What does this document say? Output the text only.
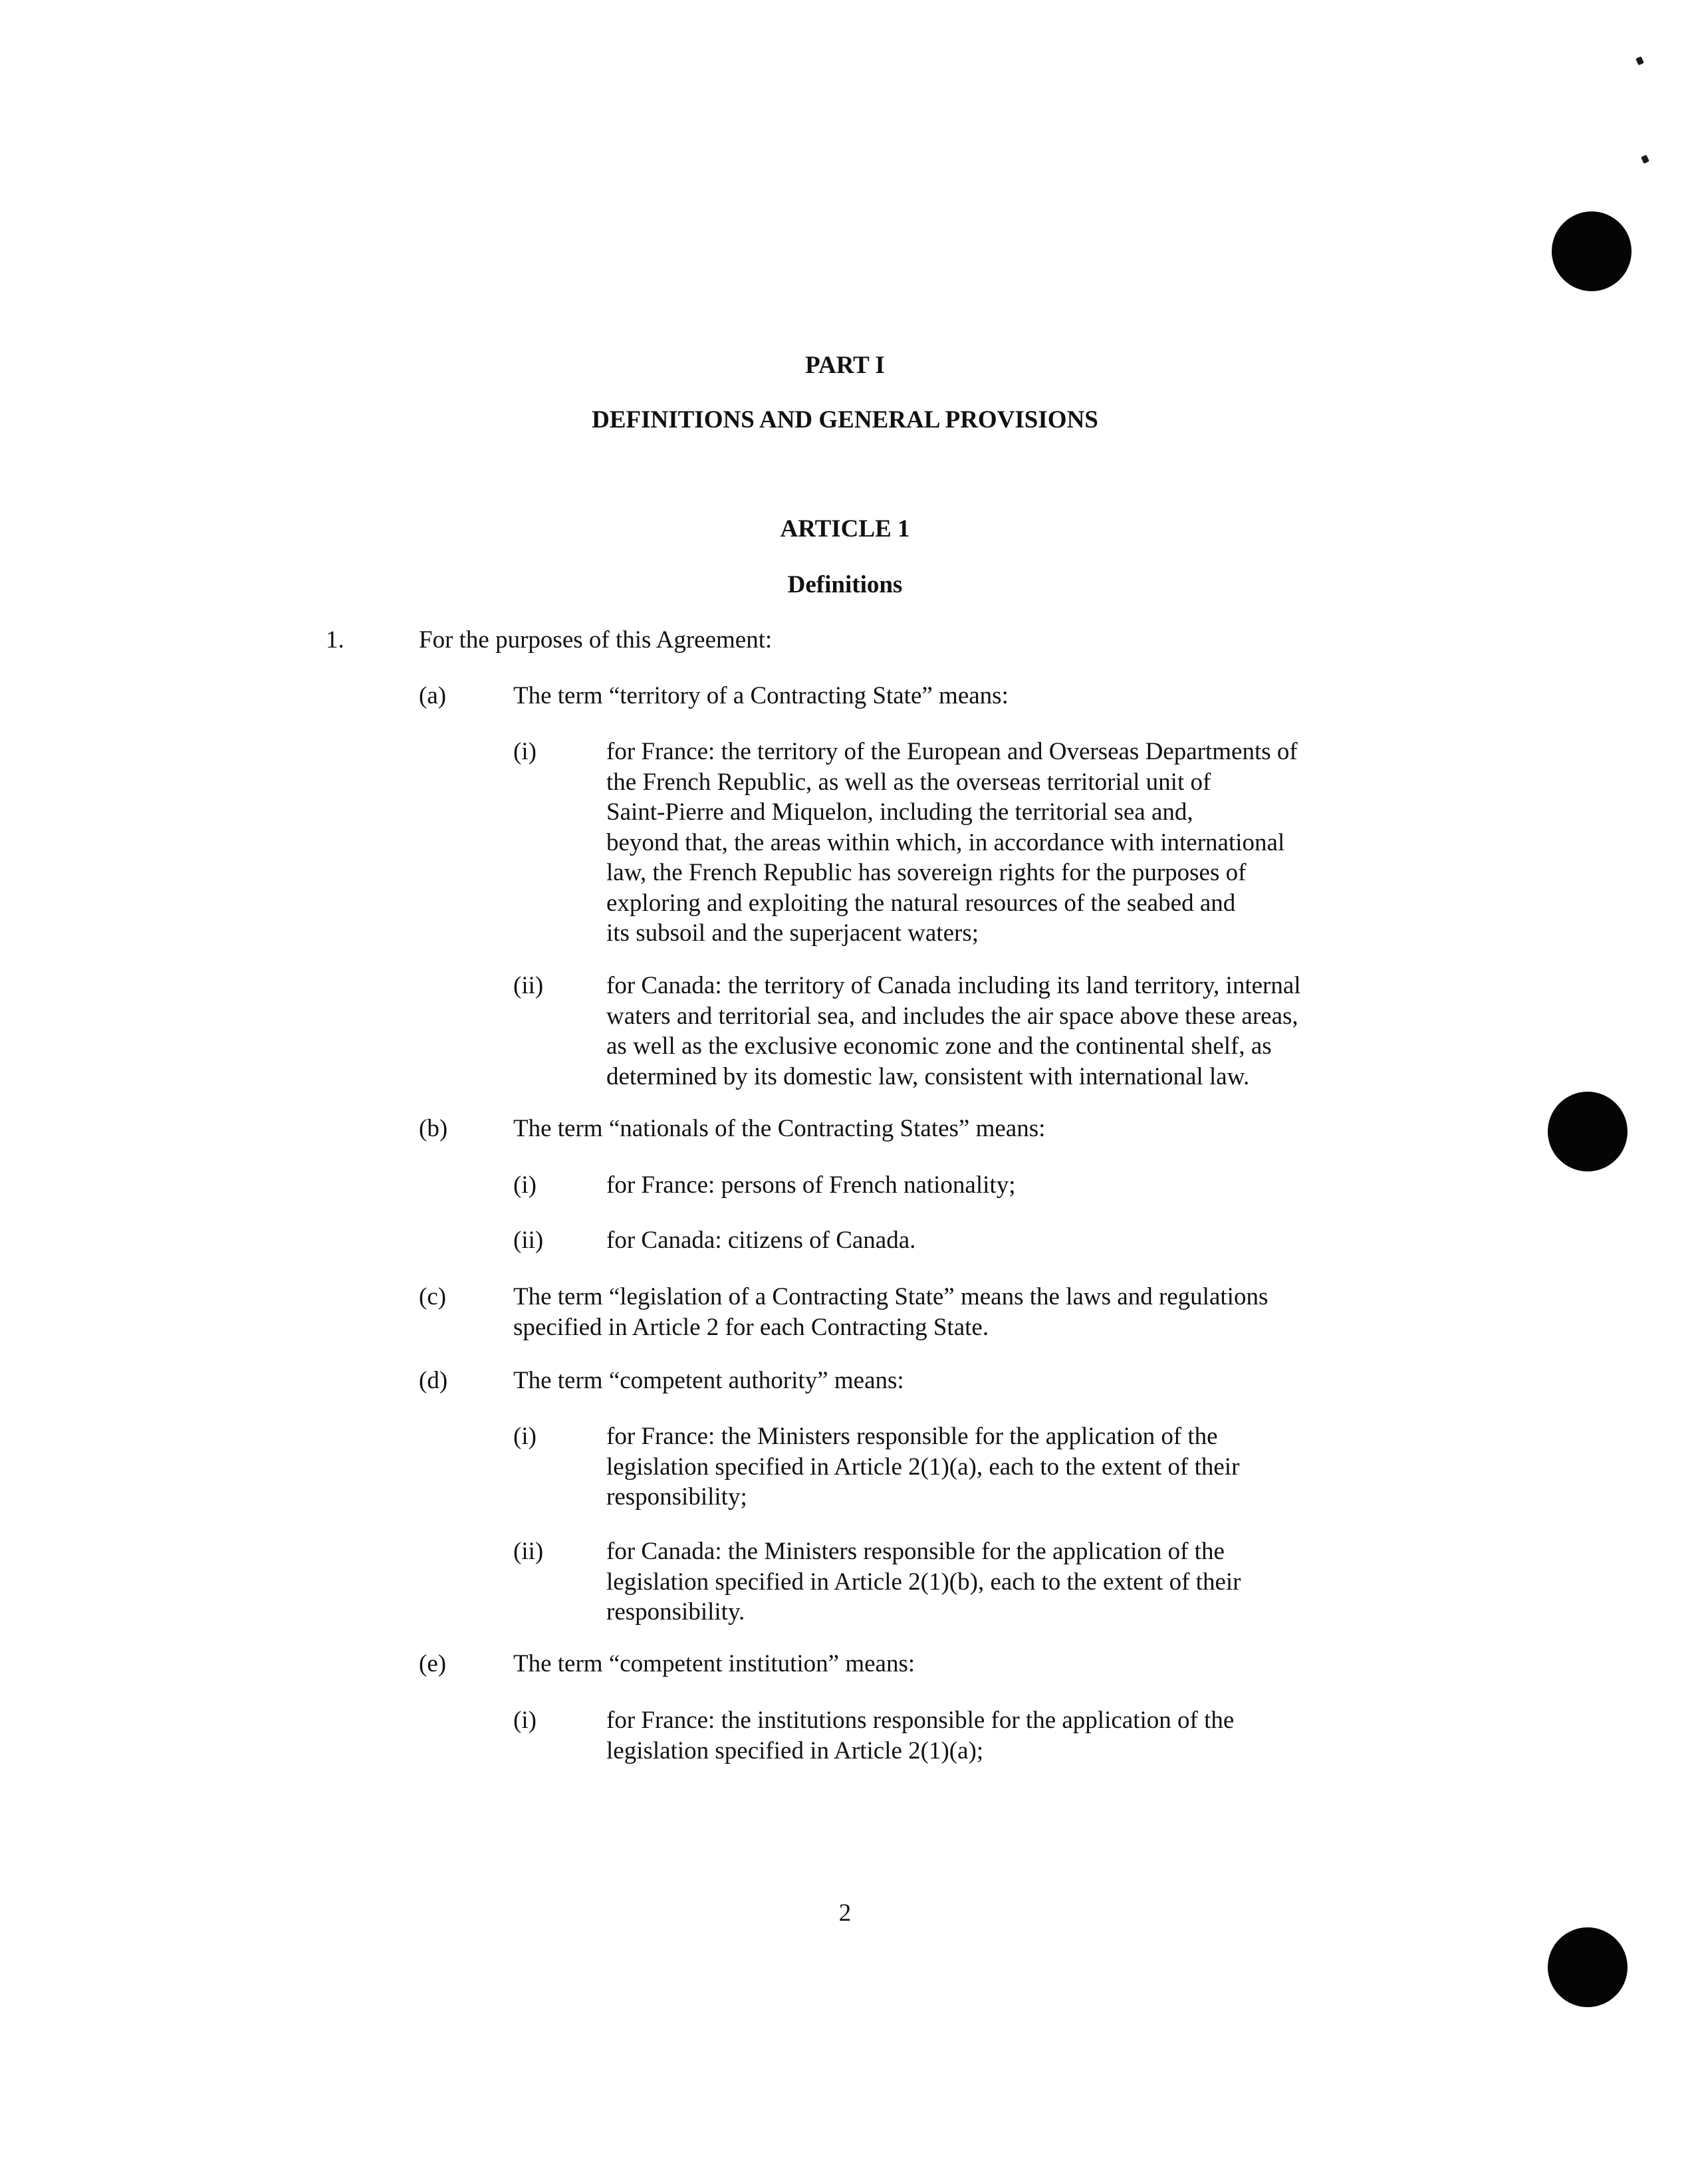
PART I
DEFINITIONS AND GENERAL PROVISIONS
ARTICLE 1
Definitions
1.	For the purposes of this Agreement:
(a)	The term “territory of a Contracting State” means:
(i)	for France: the territory of the European and Overseas Departments of
the French Republic, as well as the overseas territorial unit of
Saint-Pierre and Miquelon, including the territorial sea and,
beyond that, the areas within which, in accordance with international
law, the French Republic has sovereign rights for the purposes of
exploring and exploiting the natural resources of the seabed and
its subsoil and the superjacent waters;
(ii)	for Canada: the territory of Canada including its land territory, internal
waters and territorial sea, and includes the air space above these areas,
as well as the exclusive economic zone and the continental shelf, as
determined by its domestic law, consistent with international law.
(b)	The term “nationals of the Contracting States” means:
(i)	for France: persons of French nationality;
(ii)	for Canada: citizens of Canada.
(c)	The term “legislation of a Contracting State” means the laws and regulations
specified in Article 2 for each Contracting State.
(d)	The term “competent authority” means:
(i)	for France: the Ministers responsible for the application of the
legislation specified in Article 2(1)(a), each to the extent of their
responsibility;
(ii)	for Canada: the Ministers responsible for the application of the
legislation specified in Article 2(1)(b), each to the extent of their
responsibility.
(e)	The term “competent institution” means:
(i)	for France: the institutions responsible for the application of the
legislation specified in Article 2(1)(a);
2
